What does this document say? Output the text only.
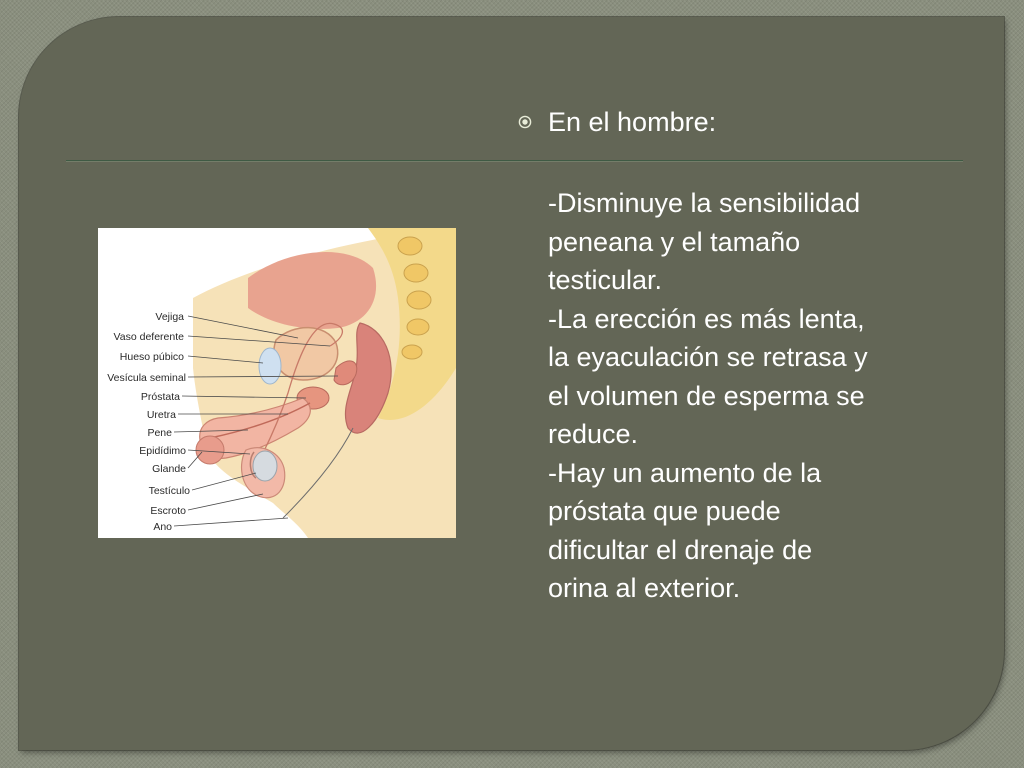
En el hombre:

-Disminuye la sensibilidad
peneana y el tamaño
testicular.

-La erección es más lenta,
la eyaculación se retrasa y
el volumen de esperma se
reduce.

-Hay un aumento de la
próstata que puede
dificultar el drenaje de
orina al exterior.

Vejiga
Vaso deferente
Hueso púbico
Vesícula seminal
Próstata
Uretra
Pene
Epidídimo
Glande
Testículo
Escroto
Ano
